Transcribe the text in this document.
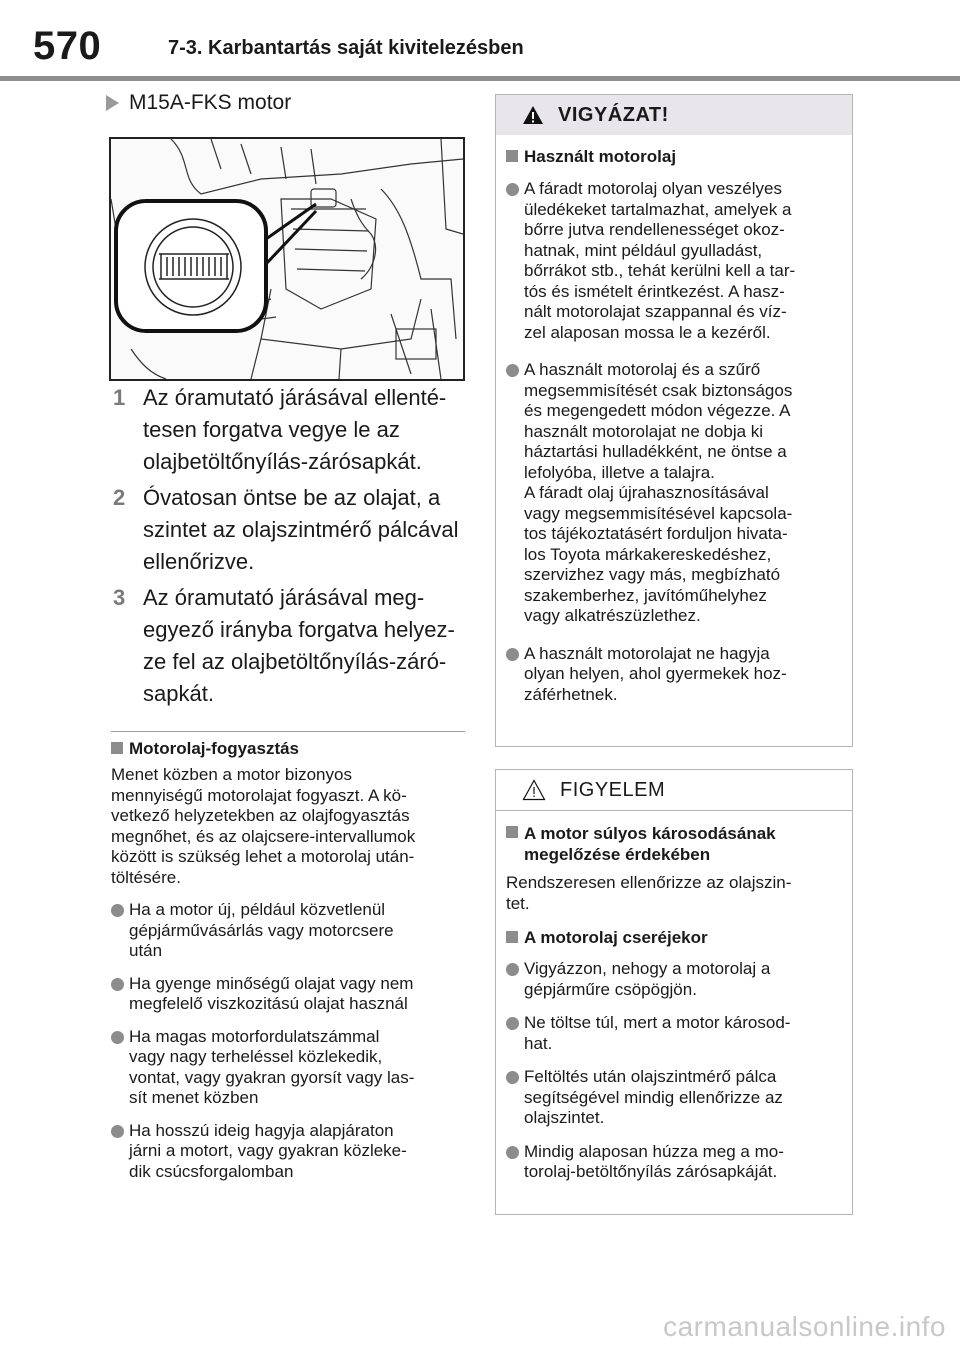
570	7-3. Karbantartás saját kivitelezésben
M15A-FKS motor
1 Az óramutató járásával ellenté-
tesen forgatva vegye le az
olajbetöltőnyílás-zárósapkát.
2 Óvatosan öntse be az olajat, a
szintet az olajszintmérő pálcával
ellenőrizve.
3 Az óramutató járásával meg-
egyező irányba forgatva helyez-
ze fel az olajbetöltőnyílás-záró-
sapkát.
Motorolaj-fogyasztás
Menet közben a motor bizonyos
mennyiségű motorolajat fogyaszt. A kö-
vetkező helyzetekben az olajfogyasztás
megnőhet, és az olajcsere-intervallumok
között is szükség lehet a motorolaj után-
töltésére.
Ha a motor új, például közvetlenül
gépjárművásárlás vagy motorcsere
után
Ha gyenge minőségű olajat vagy nem
megfelelő viszkozitású olajat használ
Ha magas motorfordulatszámmal
vagy nagy terheléssel közlekedik,
vontat, vagy gyakran gyorsít vagy las-
sít menet közben
Ha hosszú ideig hagyja alapjáraton
járni a motort, vagy gyakran közleke-
dik csúcsforgalomban
VIGYÁZAT!
Használt motorolaj
A fáradt motorolaj olyan veszélyes
üledékeket tartalmazhat, amelyek a
bőrre jutva rendellenességet okoz-
hatnak, mint például gyulladást,
bőrrákot stb., tehát kerülni kell a tar-
tós és ismételt érintkezést. A hasz-
nált motorolajat szappannal és víz-
zel alaposan mossa le a kezéről.
A használt motorolaj és a szűrő
megsemmisítését csak biztonságos
és megengedett módon végezze. A
használt motorolajat ne dobja ki
háztartási hulladékként, ne öntse a
lefolyóba, illetve a talajra.
A fáradt olaj újrahasznosításával
vagy megsemmisítésével kapcsola-
tos tájékoztatásért forduljon hivata-
los Toyota márkakereskedéshez,
szervizhez vagy más, megbízható
szakemberhez, javítóműhelyhez
vagy alkatrészüzlethez.
A használt motorolajat ne hagyja
olyan helyen, ahol gyermekek hoz-
záférhetnek.
FIGYELEM
A motor súlyos károsodásának
megelőzése érdekében
Rendszeresen ellenőrizze az olajszin-
tet.
A motorolaj cseréjekor
Vigyázzon, nehogy a motorolaj a
gépjárműre csöpögjön.
Ne töltse túl, mert a motor károsod-
hat.
Feltöltés után olajszintmérő pálca
segítségével mindig ellenőrizze az
olajszintet.
Mindig alaposan húzza meg a mo-
torolaj-betöltőnyílás zárósapkáját.
carmanualsonline.info
